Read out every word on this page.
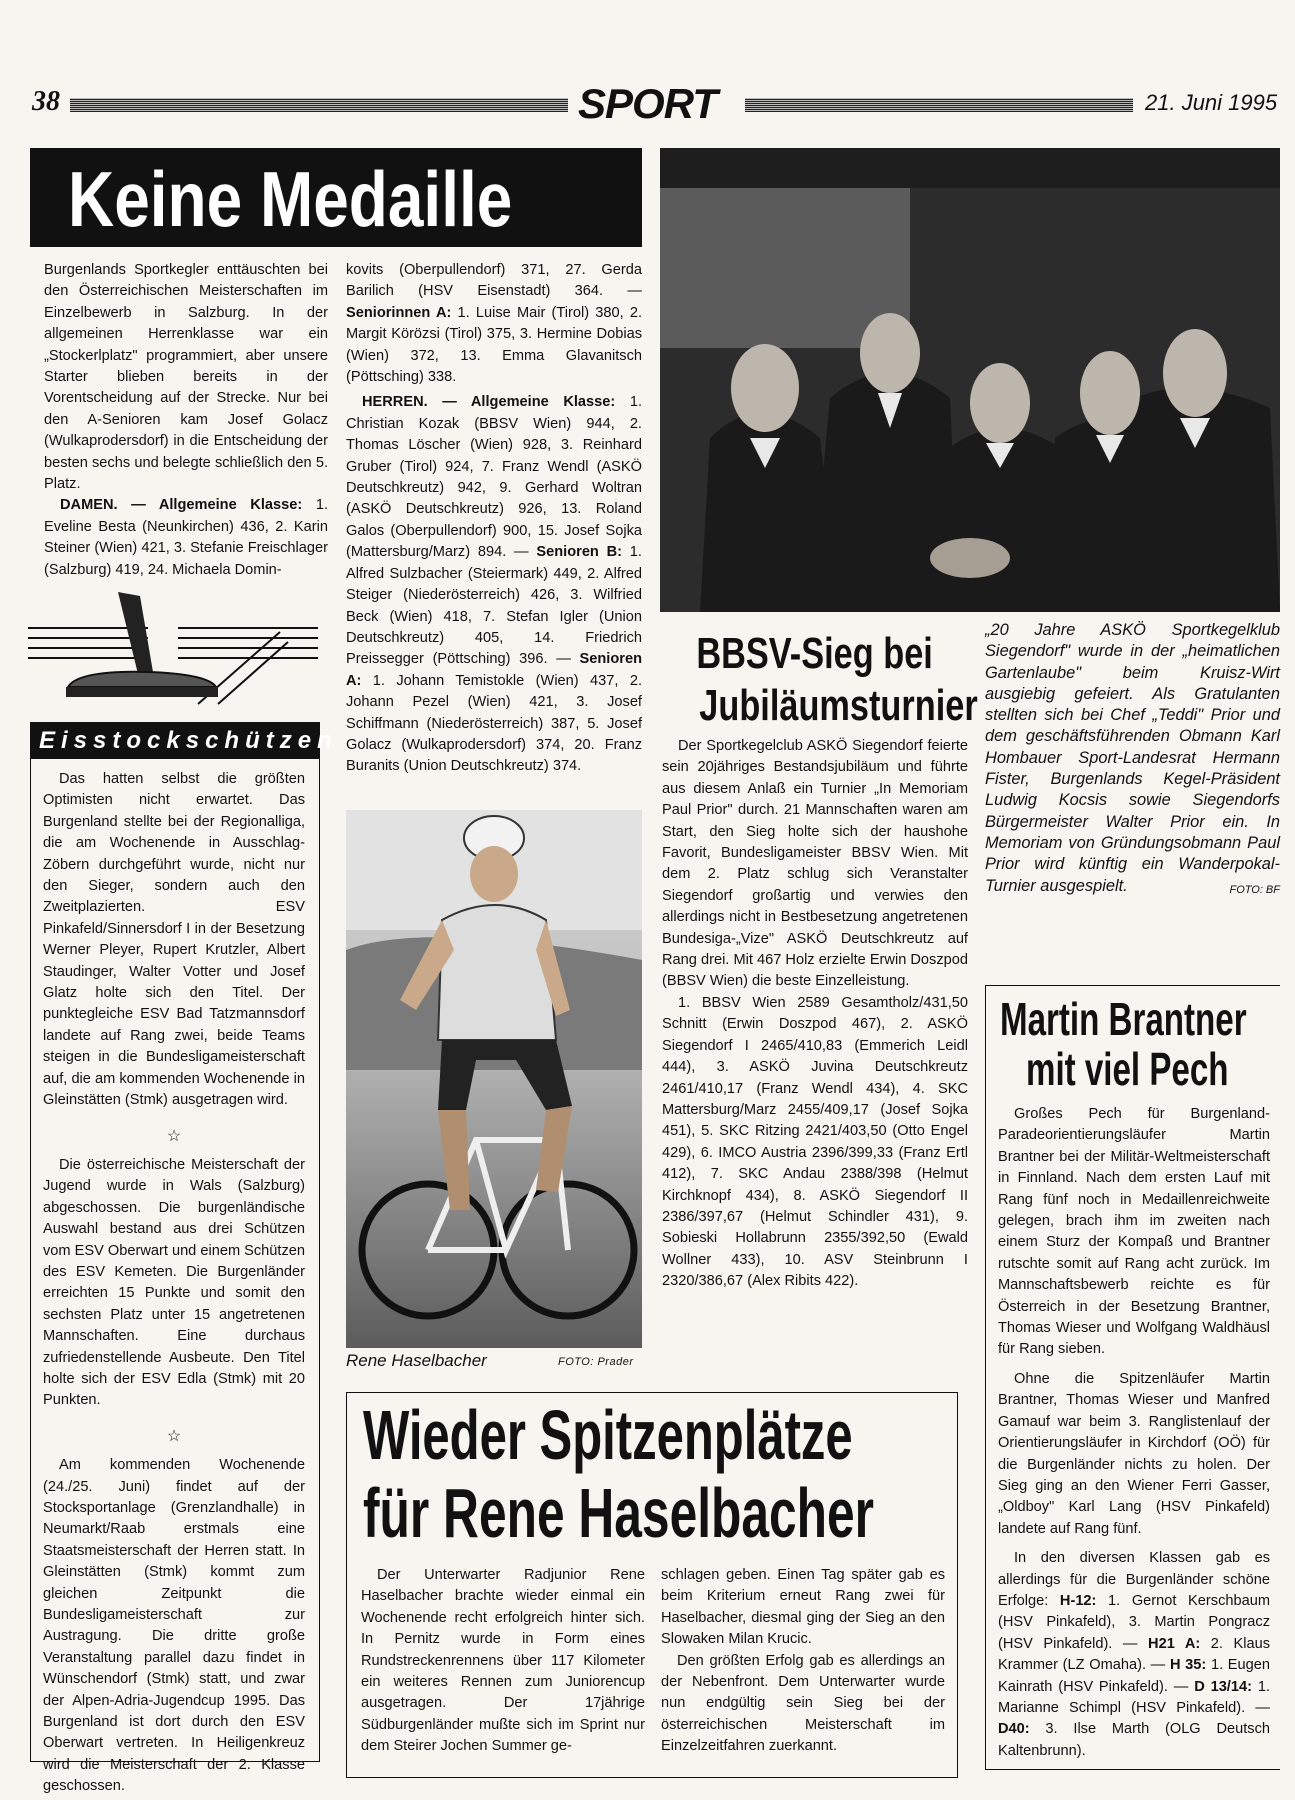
38	SPORT	21. Juni 1995
Keine Medaille

Burgenlands Sportkegler enttäuschten bei den Österreichischen Meisterschaften im Einzelbewerb in Salzburg. In der allgemeinen Herrenklasse war ein „Stockerlplatz" programmiert, aber unsere Starter blieben bereits in der Vorentscheidung auf der Strecke. Nur bei den A-Senioren kam Josef Golacz (Wulkaprodersdorf) in die Entscheidung der besten sechs und belegte schließlich den 5. Platz.

DAMEN. — Allgemeine Klasse: 1. Eveline Besta (Neunkirchen) 436, 2. Karin Steiner (Wien) 421, 3. Stefanie Freischlager (Salzburg) 419, 24. Michaela Domin-

kovits (Oberpullendorf) 371, 27. Gerda Barilich (HSV Eisenstadt) 364. — Seniorinnen A: 1. Luise Mair (Tirol) 380, 2. Margit Körözsi (Tirol) 375, 3. Hermine Dobias (Wien) 372, 13. Emma Glavanitsch (Pöttsching) 338.

HERREN. — Allgemeine Klasse: 1. Christian Kozak (BBSV Wien) 944, 2. Thomas Löscher (Wien) 928, 3. Reinhard Gruber (Tirol) 924, 7. Franz Wendl (ASKÖ Deutschkreutz) 942, 9. Gerhard Woltran (ASKÖ Deutschkreutz) 926, 13. Roland Galos (Oberpullendorf) 900, 15. Josef Sojka (Mattersburg/Marz) 894. — Senioren B: 1. Alfred Sulzbacher (Steiermark) 449, 2. Alfred Steiger (Niederösterreich) 426, 3. Wilfried Beck (Wien) 418, 7. Stefan Igler (Union Deutschkreutz) 405, 14. Friedrich Preissegger (Pöttsching) 396. — Senioren A: 1. Johann Temistokle (Wien) 437, 2. Johann Pezel (Wien) 421, 3. Josef Schiffmann (Niederösterreich) 387, 5. Josef Golacz (Wulkaprodersdorf) 374, 20. Franz Buranits (Union Deutschkreutz) 374.

Eisstockschützen

Das hatten selbst die größten Optimisten nicht erwartet. Das Burgenland stellte bei der Regionalliga, die am Wochenende in Ausschlag-Zöbern durchgeführt wurde, nicht nur den Sieger, sondern auch den Zweitplazierten. ESV Pinkafeld/Sinnersdorf I in der Besetzung Werner Pleyer, Rupert Krutzler, Albert Staudinger, Walter Votter und Josef Glatz holte sich den Titel. Der punktegleiche ESV Bad Tatzmannsdorf landete auf Rang zwei, beide Teams steigen in die Bundesligameisterschaft auf, die am kommenden Wochenende in Gleinstätten (Stmk) ausgetragen wird.

☆

Die österreichische Meisterschaft der Jugend wurde in Wals (Salzburg) abgeschossen. Die burgenländische Auswahl bestand aus drei Schützen vom ESV Oberwart und einem Schützen des ESV Kemeten. Die Burgenländer erreichten 15 Punkte und somit den sechsten Platz unter 15 angetretenen Mannschaften. Eine durchaus zufriedenstellende Ausbeute. Den Titel holte sich der ESV Edla (Stmk) mit 20 Punkten.

☆

Am kommenden Wochenende (24./25. Juni) findet auf der Stocksportanlage (Grenzlandhalle) in Neumarkt/Raab erstmals eine Staatsmeisterschaft der Herren statt. In Gleinstätten (Stmk) kommt zum gleichen Zeitpunkt die Bundesligameisterschaft zur Austragung. Die dritte große Veranstaltung parallel dazu findet in Wünschendorf (Stmk) statt, und zwar der Alpen-Adria-Jugendcup 1995. Das Burgenland ist dort durch den ESV Oberwart vertreten. In Heiligenkreuz wird die Meisterschaft der 2. Klasse geschossen.

Rene Haselbacher	FOTO: Prader
„20 Jahre ASKÖ Sportkegelklub Siegendorf" wurde in der „heimatlichen Gartenlaube" beim Kruisz-Wirt ausgiebig gefeiert. Als Gratulanten stellten sich bei Chef „Teddi" Prior und dem geschäftsführenden Obmann Karl Hombauer Sport-Landesrat Hermann Fister, Burgenlands Kegel-Präsident Ludwig Kocsis sowie Siegendorfs Bürgermeister Walter Prior ein. In Memoriam von Gründungsobmann Paul Prior wird künftig ein Wanderpokal-Turnier ausgespielt.	FOTO: BF
BBSV-Sieg bei
Jubiläumsturnier

Der Sportkegelclub ASKÖ Siegendorf feierte sein 20jähriges Bestandsjubiläum und führte aus diesem Anlaß ein Turnier „In Memoriam Paul Prior" durch. 21 Mannschaften waren am Start, den Sieg holte sich der haushohe Favorit, Bundesligameister BBSV Wien. Mit dem 2. Platz schlug sich Veranstalter Siegendorf großartig und verwies den allerdings nicht in Bestbesetzung angetretenen Bundesiga-„Vize" ASKÖ Deutschkreutz auf Rang drei. Mit 467 Holz erzielte Erwin Doszpod (BBSV Wien) die beste Einzelleistung.

1. BBSV Wien 2589 Gesamtholz/431,50 Schnitt (Erwin Doszpod 467), 2. ASKÖ Siegendorf I 2465/410,83 (Emmerich Leidl 444), 3. ASKÖ Juvina Deutschkreutz 2461/410,17 (Franz Wendl 434), 4. SKC Mattersburg/Marz 2455/409,17 (Josef Sojka 451), 5. SKC Ritzing 2421/403,50 (Otto Engel 429), 6. IMCO Austria 2396/399,33 (Franz Ertl 412), 7. SKC Andau 2388/398 (Helmut Kirchknopf 434), 8. ASKÖ Siegendorf II 2386/397,67 (Helmut Schindler 431), 9. Sobieski Hollabrunn 2355/392,50 (Ewald Wollner 433), 10. ASV Steinbrunn I 2320/386,67 (Alex Ribits 422).

Martin Brantner
mit viel Pech

Großes Pech für Burgenland-Paradeorientierungsläufer Martin Brantner bei der Militär-Weltmeisterschaft in Finnland. Nach dem ersten Lauf mit Rang fünf noch in Medaillenreichweite gelegen, brach ihm im zweiten nach einem Sturz der Kompaß und Brantner rutschte somit auf Rang acht zurück. Im Mannschaftsbewerb reichte es für Österreich in der Besetzung Brantner, Thomas Wieser und Wolfgang Waldhäusl für Rang sieben.

Ohne die Spitzenläufer Martin Brantner, Thomas Wieser und Manfred Gamauf war beim 3. Ranglistenlauf der Orientierungsläufer in Kirchdorf (OÖ) für die Burgenländer nichts zu holen. Der Sieg ging an den Wiener Ferri Gasser, „Oldboy" Karl Lang (HSV Pinkafeld) landete auf Rang fünf.

In den diversen Klassen gab es allerdings für die Burgenländer schöne Erfolge: H-12: 1. Gernot Kerschbaum (HSV Pinkafeld), 3. Martin Pongracz (HSV Pinkafeld). — H21 A: 2. Klaus Krammer (LZ Omaha). — H 35: 1. Eugen Kainrath (HSV Pinkafeld). — D 13/14: 1. Marianne Schimpl (HSV Pinkafeld). — D40: 3. Ilse Marth (OLG Deutsch Kaltenbrunn).

Wieder Spitzenplätze
für Rene Haselbacher

Der Unterwarter Radjunior Rene Haselbacher brachte wieder einmal ein Wochenende recht erfolgreich hinter sich. In Pernitz wurde in Form eines Rundstreckenrennens über 117 Kilometer ein weiteres Rennen zum Juniorencup ausgetragen. Der 17jährige Südburgenländer mußte sich im Sprint nur dem Steirer Jochen Summer ge-

schlagen geben. Einen Tag später gab es beim Kriterium erneut Rang zwei für Haselbacher, diesmal ging der Sieg an den Slowaken Milan Krucic.

Den größten Erfolg gab es allerdings an der Nebenfront. Dem Unterwarter wurde nun endgültig sein Sieg bei der österreichischen Meisterschaft im Einzelzeitfahren zuerkannt.
